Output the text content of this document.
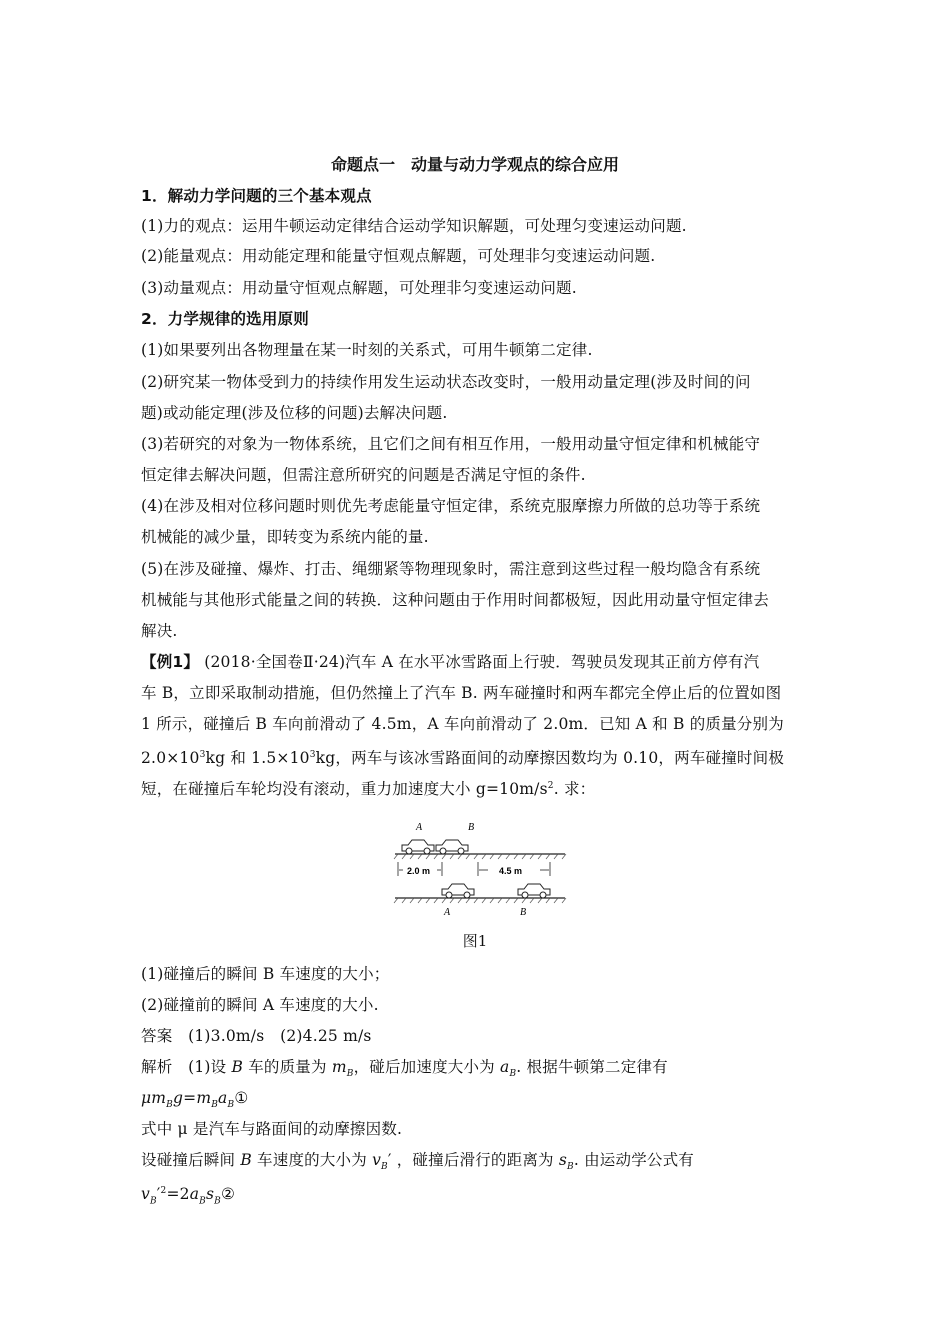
命题点一　动量与动力学观点的综合应用
1．解动力学问题的三个基本观点
(1)力的观点：运用牛顿运动定律结合运动学知识解题，可处理匀变速运动问题.
(2)能量观点：用动能定理和能量守恒观点解题，可处理非匀变速运动问题.
(3)动量观点：用动量守恒观点解题，可处理非匀变速运动问题.
2．力学规律的选用原则
(1)如果要列出各物理量在某一时刻的关系式，可用牛顿第二定律.
(2)研究某一物体受到力的持续作用发生运动状态改变时，一般用动量定理(涉及时间的问
题)或动能定理(涉及位移的问题)去解决问题.
(3)若研究的对象为一物体系统，且它们之间有相互作用，一般用动量守恒定律和机械能守
恒定律去解决问题，但需注意所研究的问题是否满足守恒的条件.
(4)在涉及相对位移问题时则优先考虑能量守恒定律，系统克服摩擦力所做的总功等于系统
机械能的减少量，即转变为系统内能的量.
(5)在涉及碰撞、爆炸、打击、绳绷紧等物理现象时，需注意到这些过程一般均隐含有系统
机械能与其他形式能量之间的转换．这种问题由于作用时间都极短，因此用动量守恒定律去
解决.
【例1】 (2018·全国卷Ⅱ·24)汽车 A 在水平冰雪路面上行驶．驾驶员发现其正前方停有汽
车 B，立即采取制动措施，但仍然撞上了汽车 B. 两车碰撞时和两车都完全停止后的位置如图
1 所示，碰撞后 B 车向前滑动了 4.5m，A 车向前滑动了 2.0m．已知 A 和 B 的质量分别为
$2.0\times 10^3kg$ 和 $1.5\times 10^3kg$，两车与该冰雪路面间的动摩擦因数均为 0.10，两车碰撞时间极
短，在碰撞后车轮均没有滚动，重力加速度大小 $g=10m/s^2$. 求：
A	B
2.0 m	4.5 m
A	B
图1
(1)碰撞后的瞬间 B 车速度的大小；
(2)碰撞前的瞬间 A 车速度的大小.
答案　(1)3.0m/s　(2)4.25 m/s
解析　(1)设 B 车的质量为 $m_B$，碰后加速度大小为 $a_B$. 根据牛顿第二定律有
$\mu m_Bg=m_Ba_B①$
式中 μ 是汽车与路面间的动摩擦因数.
设碰撞后瞬间 B 车速度的大小为 $v_B'$ ，碰撞后滑行的距离为 $s_B$. 由运动学公式有
$v_B'^2=2a_Bs_B②$
